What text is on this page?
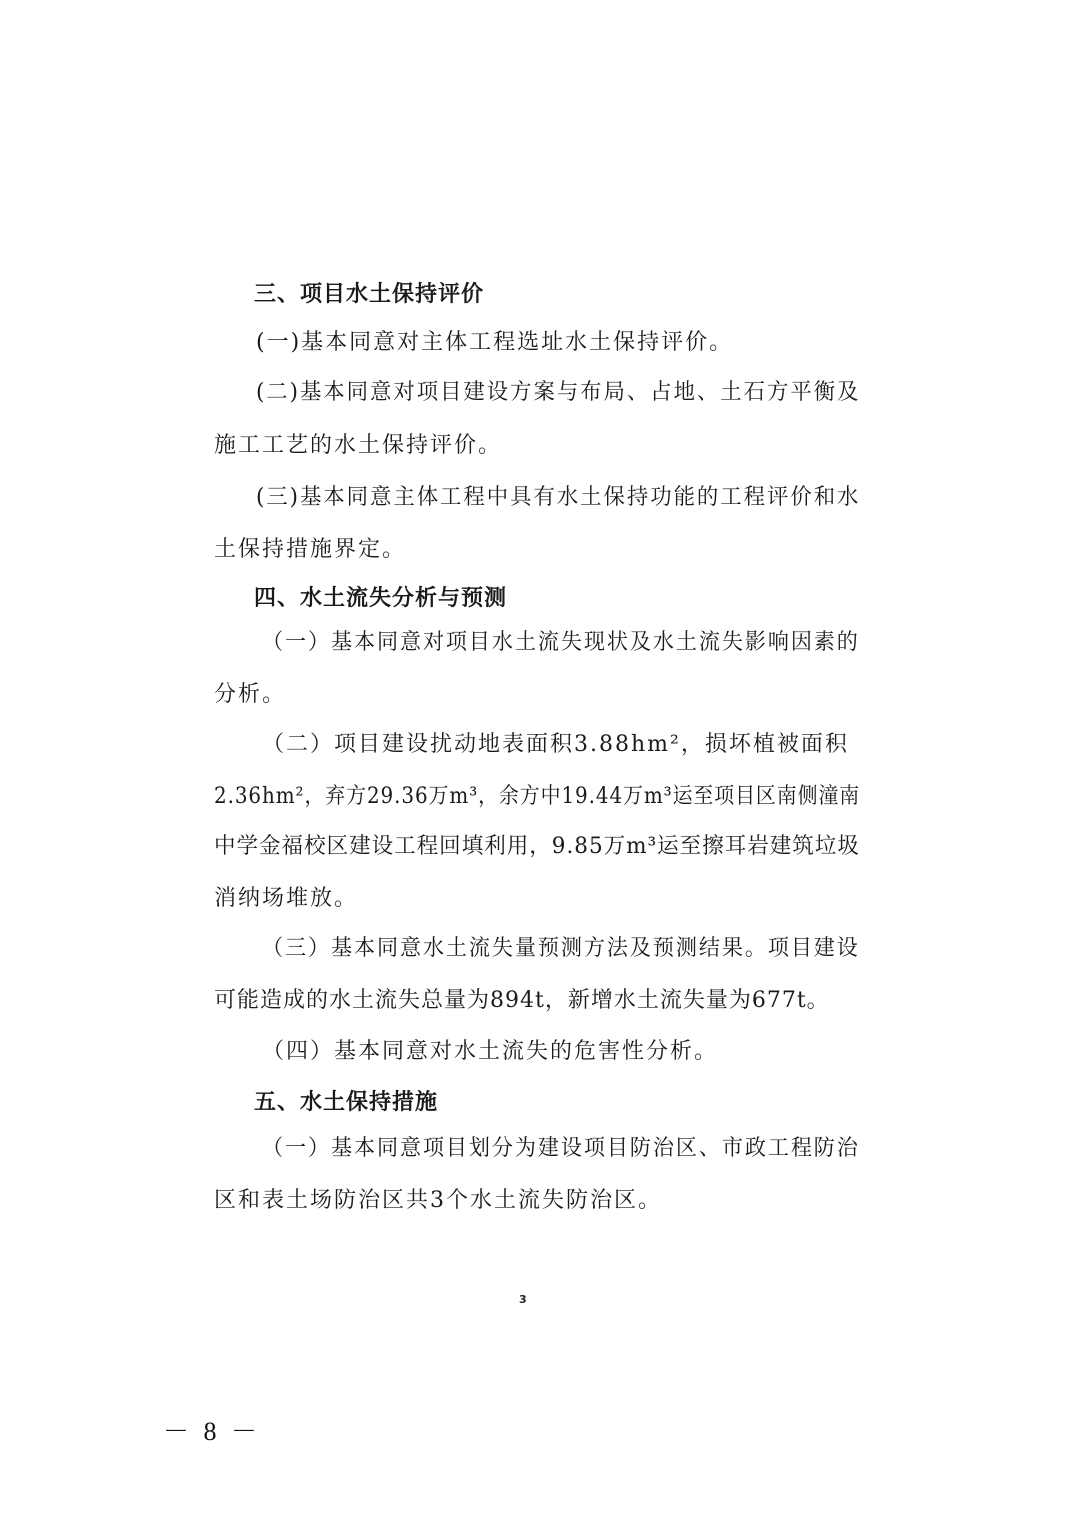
三、项目水土保持评价
(一)基本同意对主体工程选址水土保持评价。
(二)基本同意对项目建设方案与布局、占地、土石方平衡及
施工工艺的水土保持评价。
(三)基本同意主体工程中具有水土保持功能的工程评价和水
土保持措施界定。
四、水土流失分析与预测
（一）基本同意对项目水土流失现状及水土流失影响因素的
分析。
（二）项目建设扰动地表面积3.88hm²，损坏植被面积
2.36hm²，弃方29.36万m³，余方中19.44万m³运至项目区南侧潼南
中学金福校区建设工程回填利用，9.85万m³运至擦耳岩建筑垃圾
消纳场堆放。
（三）基本同意水土流失量预测方法及预测结果。项目建设
可能造成的水土流失总量为894t，新增水土流失量为677t。
（四）基本同意对水土流失的危害性分析。
五、水土保持措施
（一）基本同意项目划分为建设项目防治区、市政工程防治
区和表土场防治区共3个水土流失防治区。
3
－ 8 －
